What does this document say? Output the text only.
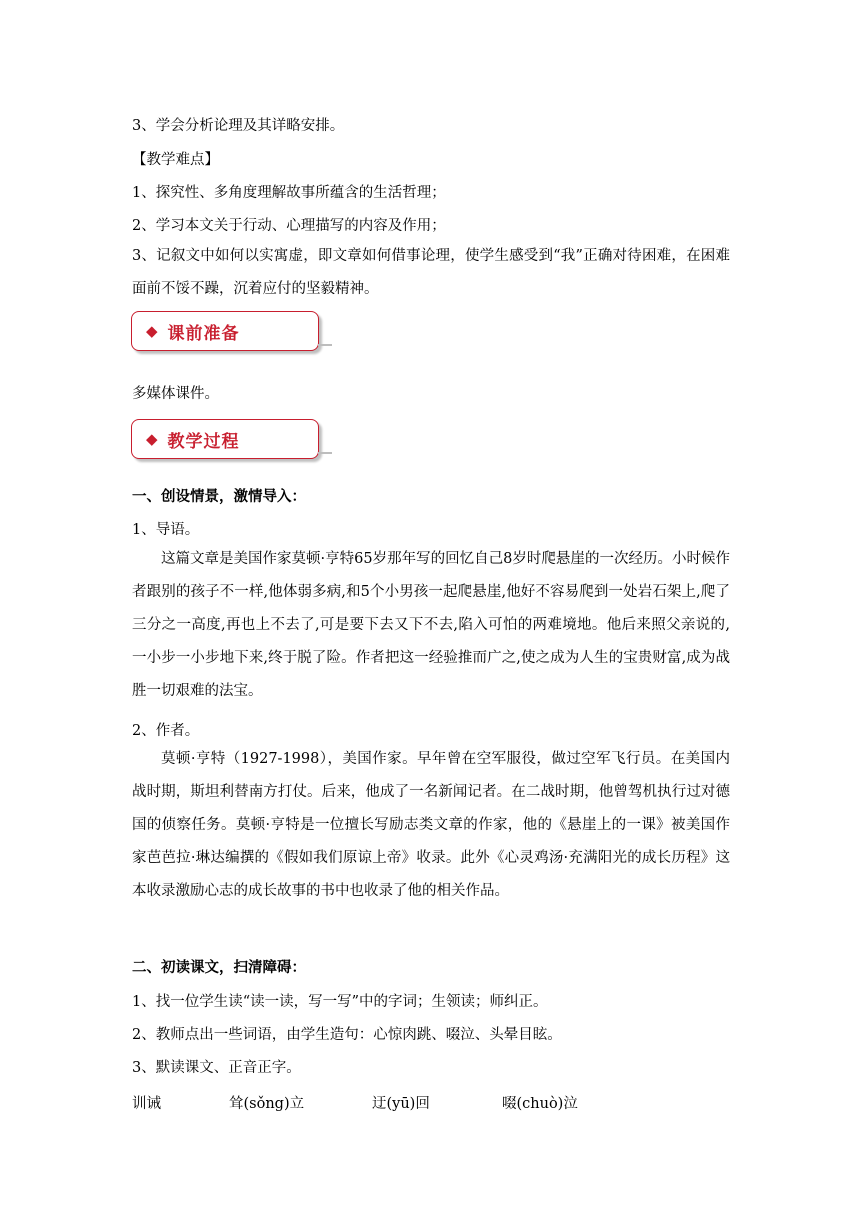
3、学会分析论理及其详略安排。
【教学难点】
1、探究性、多角度理解故事所蕴含的生活哲理；
2、学习本文关于行动、心理描写的内容及作用；
3、记叙文中如何以实寓虚，即文章如何借事论理，使学生感受到“我”正确对待困难，在困难面前不馁不躁，沉着应付的坚毅精神。
◆ 课前准备
多媒体课件。
◆ 教学过程
一、创设情景，激情导入：
1、导语。
这篇文章是美国作家莫顿·亨特65岁那年写的回忆自己8岁时爬悬崖的一次经历。小时候作者跟别的孩子不一样,他体弱多病,和5个小男孩一起爬悬崖,他好不容易爬到一处岩石架上,爬了三分之一高度,再也上不去了,可是要下去又下不去,陷入可怕的两难境地。他后来照父亲说的,一小步一小步地下来,终于脱了险。作者把这一经验推而广之,使之成为人生的宝贵财富,成为战胜一切艰难的法宝。
2、作者。
莫顿·亨特（1927-1998），美国作家。早年曾在空军服役，做过空军飞行员。在美国内战时期，斯坦利替南方打仗。后来，他成了一名新闻记者。在二战时期，他曾驾机执行过对德国的侦察任务。莫顿·亨特是一位擅长写励志类文章的作家，他的《悬崖上的一课》被美国作家芭芭拉·琳达编撰的《假如我们原谅上帝》收录。此外《心灵鸡汤·充满阳光的成长历程》这本收录激励心志的成长故事的书中也收录了他的相关作品。
二、初读课文，扫清障碍：
1、找一位学生读“读一读，写一写”中的字词；生领读；师纠正。
2、教师点出一些词语，由学生造句：心惊肉跳、啜泣、头晕目眩。
3、默读课文、正音正字。
训诫	耸(sǒng)立	迂(yū)回	啜(chuò)泣
